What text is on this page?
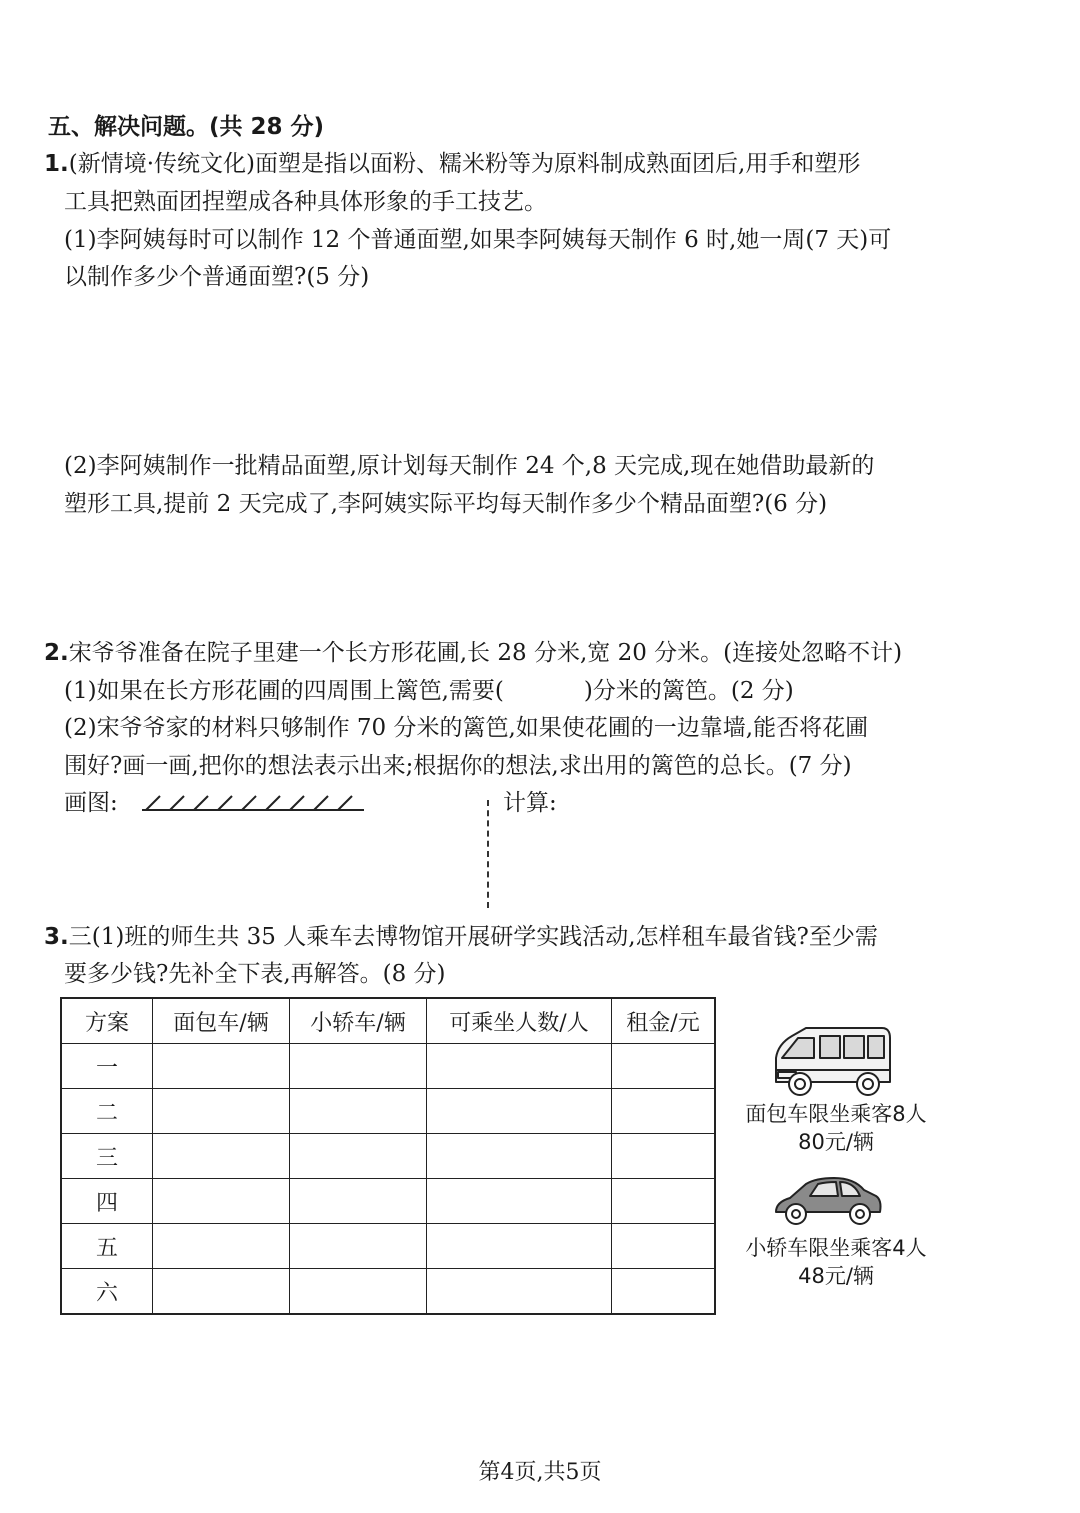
五、解决问题。(共 28 分)
1.(新情境·传统文化)面塑是指以面粉、糯米粉等为原料制成熟面团后,用手和塑形
工具把熟面团捏塑成各种具体形象的手工技艺。
(1)李阿姨每时可以制作 12 个普通面塑,如果李阿姨每天制作 6 时,她一周(7 天)可
以制作多少个普通面塑?(5 分)
(2)李阿姨制作一批精品面塑,原计划每天制作 24 个,8 天完成,现在她借助最新的
塑形工具,提前 2 天完成了,李阿姨实际平均每天制作多少个精品面塑?(6 分)
2.宋爷爷准备在院子里建一个长方形花圃,长 28 分米,宽 20 分米。(连接处忽略不计)
(1)如果在长方形花圃的四周围上篱笆,需要(	)分米的篱笆。(2 分)
(2)宋爷爷家的材料只够制作 70 分米的篱笆,如果使花圃的一边靠墙,能否将花圃
围好?画一画,把你的想法表示出来;根据你的想法,求出用的篱笆的总长。(7 分)
画图:	计算:
3.三(1)班的师生共 35 人乘车去博物馆开展研学实践活动,怎样租车最省钱?至少需
要多少钱?先补全下表,再解答。(8 分)
方案	面包车/辆	小轿车/辆	可乘坐人数/人	租金/元
一				
二				
三				
四				
五				
六				
面包车限坐乘客8人
80元/辆
小轿车限坐乘客4人
48元/辆
第4页,共5页
